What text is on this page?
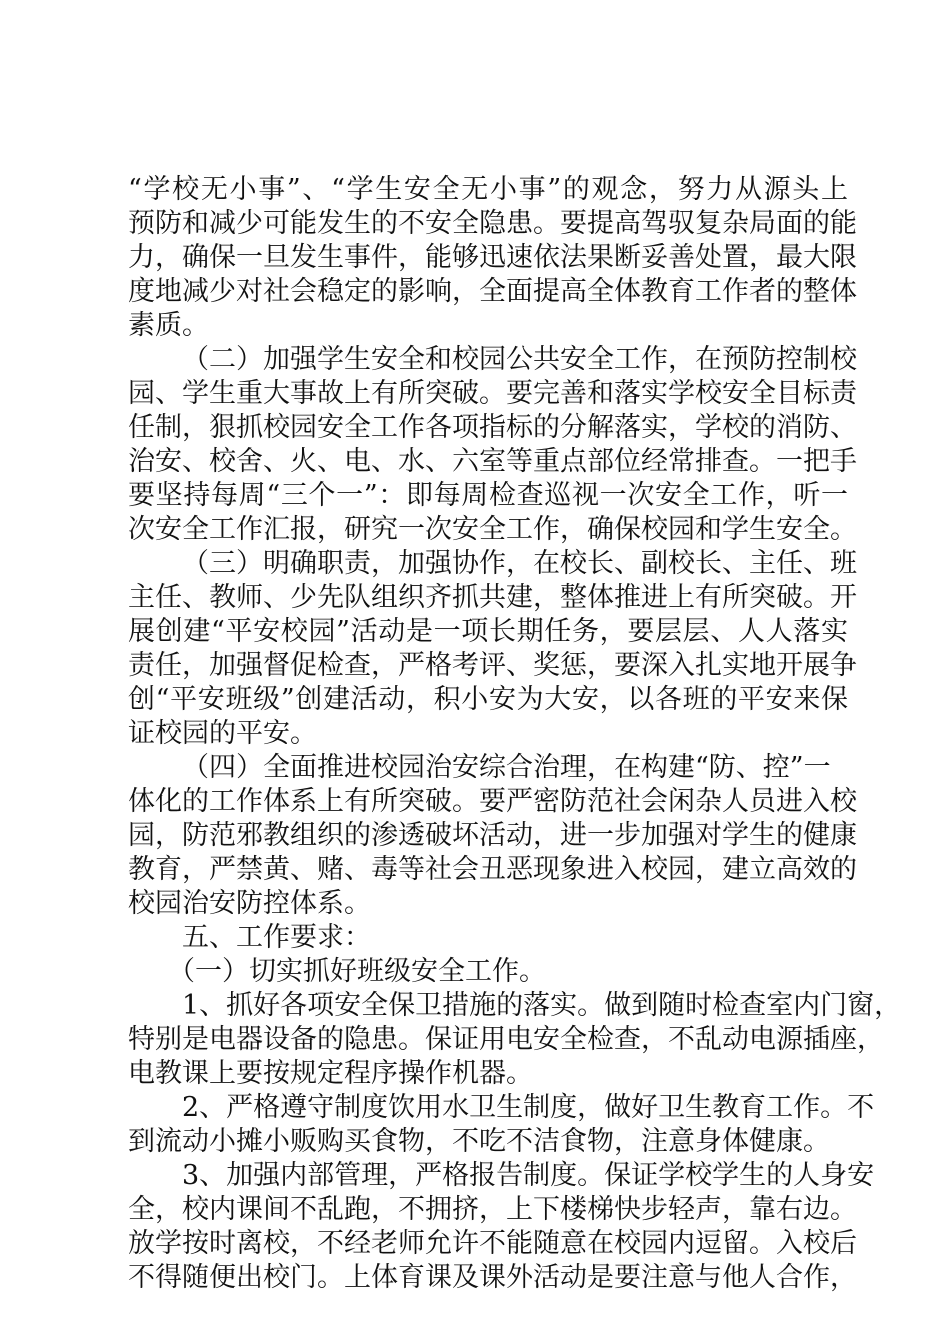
“学校无小事”、“学生安全无小事”的观念，努力从源头上
预防和减少可能发生的不安全隐患。要提高驾驭复杂局面的能
力，确保一旦发生事件，能够迅速依法果断妥善处置，最大限
度地减少对社会稳定的影响，全面提高全体教育工作者的整体
素质。
（二）加强学生安全和校园公共安全工作，在预防控制校
园、学生重大事故上有所突破。要完善和落实学校安全目标责
任制，狠抓校园安全工作各项指标的分解落实，学校的消防、
治安、校舍、火、电、水、六室等重点部位经常排查。一把手
要坚持每周“三个一”：即每周检查巡视一次安全工作，听一
次安全工作汇报，研究一次安全工作，确保校园和学生安全。
（三）明确职责，加强协作，在校长、副校长、主任、班
主任、教师、少先队组织齐抓共建，整体推进上有所突破。开
展创建“平安校园”活动是一项长期任务，要层层、人人落实
责任，加强督促检查，严格考评、奖惩，要深入扎实地开展争
创“平安班级”创建活动，积小安为大安，以各班的平安来保
证校园的平安。
（四）全面推进校园治安综合治理，在构建“防、控”一
体化的工作体系上有所突破。要严密防范社会闲杂人员进入校
园，防范邪教组织的渗透破坏活动，进一步加强对学生的健康
教育，严禁黄、赌、毒等社会丑恶现象进入校园，建立高效的
校园治安防控体系。
五、工作要求：
（一）切实抓好班级安全工作。
1、抓好各项安全保卫措施的落实。做到随时检查室内门窗，
特别是电器设备的隐患。保证用电安全检查，不乱动电源插座，
电教课上要按规定程序操作机器。
2、严格遵守制度饮用水卫生制度，做好卫生教育工作。不
到流动小摊小贩购买食物，不吃不洁食物，注意身体健康。
3、加强内部管理，严格报告制度。保证学校学生的人身安
全，校内课间不乱跑，不拥挤，上下楼梯快步轻声，靠右边。
放学按时离校，不经老师允许不能随意在校园内逗留。入校后
不得随便出校门。上体育课及课外活动是要注意与他人合作，
